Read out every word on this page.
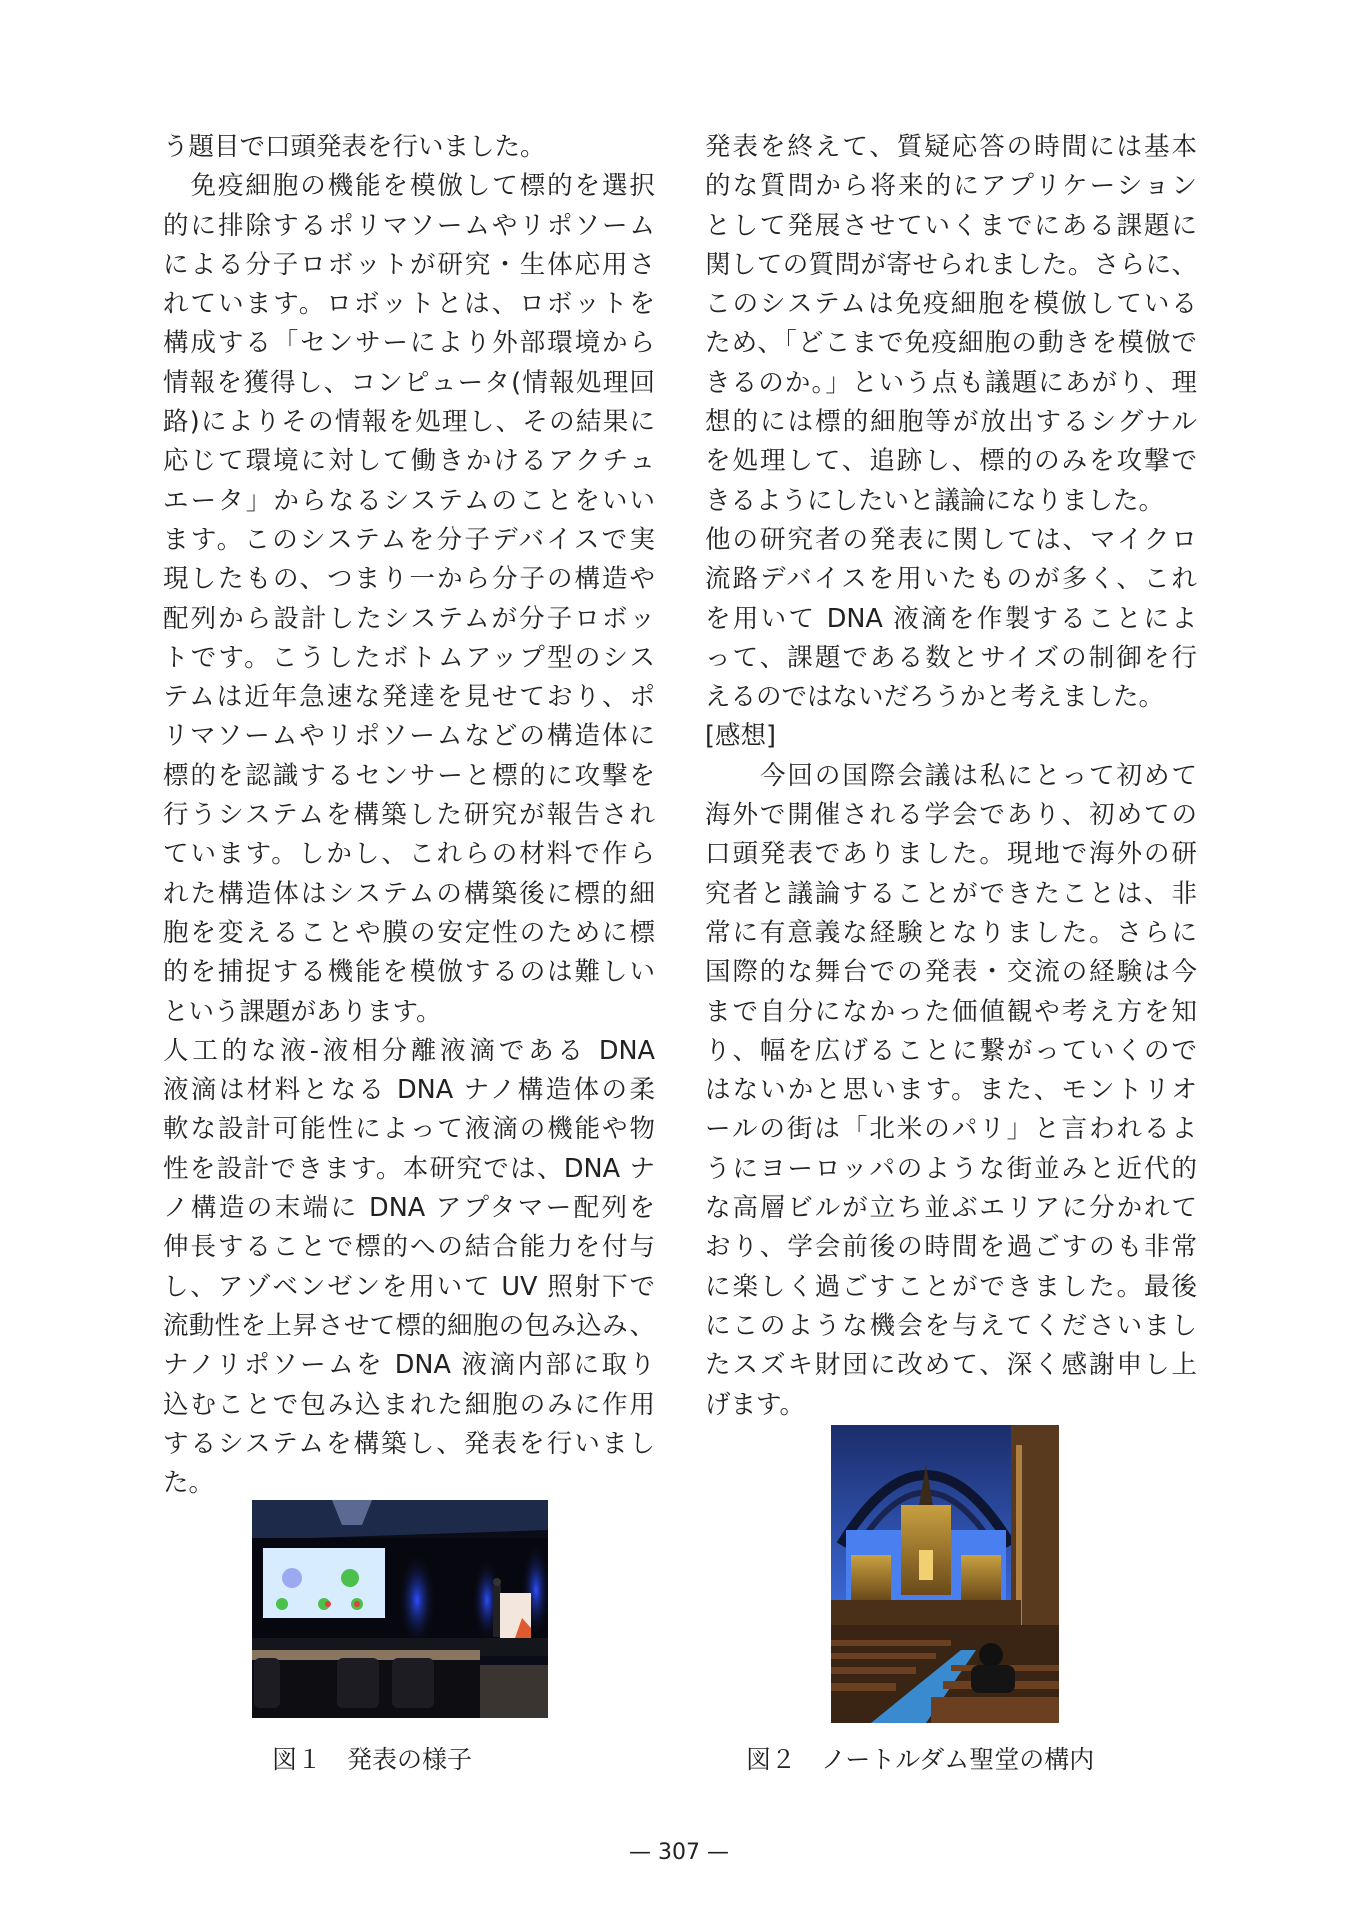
う題目で口頭発表を行いました。
　免疫細胞の機能を模倣して標的を選択
的に排除するポリマソームやリポソーム
による分子ロボットが研究・生体応用さ
れています。ロボットとは、ロボットを
構成する「センサーにより外部環境から
情報を獲得し、コンピュータ(情報処理回
路)によりその情報を処理し、その結果に
応じて環境に対して働きかけるアクチュ
エータ」からなるシステムのことをいい
ます。このシステムを分子デバイスで実
現したもの、つまり一から分子の構造や
配列から設計したシステムが分子ロボッ
トです。こうしたボトムアップ型のシス
テムは近年急速な発達を見せており、ポ
リマソームやリポソームなどの構造体に
標的を認識するセンサーと標的に攻撃を
行うシステムを構築した研究が報告され
ています。しかし、これらの材料で作ら
れた構造体はシステムの構築後に標的細
胞を変えることや膜の安定性のために標
的を捕捉する機能を模倣するのは難しい
という課題があります。
人工的な液-液相分離液滴である DNA
液滴は材料となる DNA ナノ構造体の柔
軟な設計可能性によって液滴の機能や物
性を設計できます。本研究では、DNA ナ
ノ構造の末端に DNA アプタマー配列を
伸長することで標的への結合能力を付与
し、アゾベンゼンを用いて UV 照射下で
流動性を上昇させて標的細胞の包み込み、
ナノリポソームを DNA 液滴内部に取り
込むことで包み込まれた細胞のみに作用
するシステムを構築し、発表を行いまし
た。
発表を終えて、質疑応答の時間には基本
的な質問から将来的にアプリケーション
として発展させていくまでにある課題に
関しての質問が寄せられました。さらに、
このシステムは免疫細胞を模倣している
ため、「どこまで免疫細胞の動きを模倣で
きるのか。」という点も議題にあがり、理
想的には標的細胞等が放出するシグナル
を処理して、追跡し、標的のみを攻撃で
きるようにしたいと議論になりました。
他の研究者の発表に関しては、マイクロ
流路デバイスを用いたものが多く、これ
を用いて DNA 液滴を作製することによ
って、課題である数とサイズの制御を行
えるのではないだろうかと考えました。
[感想]
　　今回の国際会議は私にとって初めて
海外で開催される学会であり、初めての
口頭発表でありました。現地で海外の研
究者と議論することができたことは、非
常に有意義な経験となりました。さらに
国際的な舞台での発表・交流の経験は今
まで自分になかった価値観や考え方を知
り、幅を広げることに繋がっていくので
はないかと思います。また、モントリオ
ールの街は「北米のパリ」と言われるよ
うにヨーロッパのような街並みと近代的
な高層ビルが立ち並ぶエリアに分かれて
おり、学会前後の時間を過ごすのも非常
に楽しく過ごすことができました。最後
にこのような機会を与えてくださいまし
たスズキ財団に改めて、深く感謝申し上
げます。
図１　発表の様子	図２　ノートルダム聖堂の構内
— 307 —
